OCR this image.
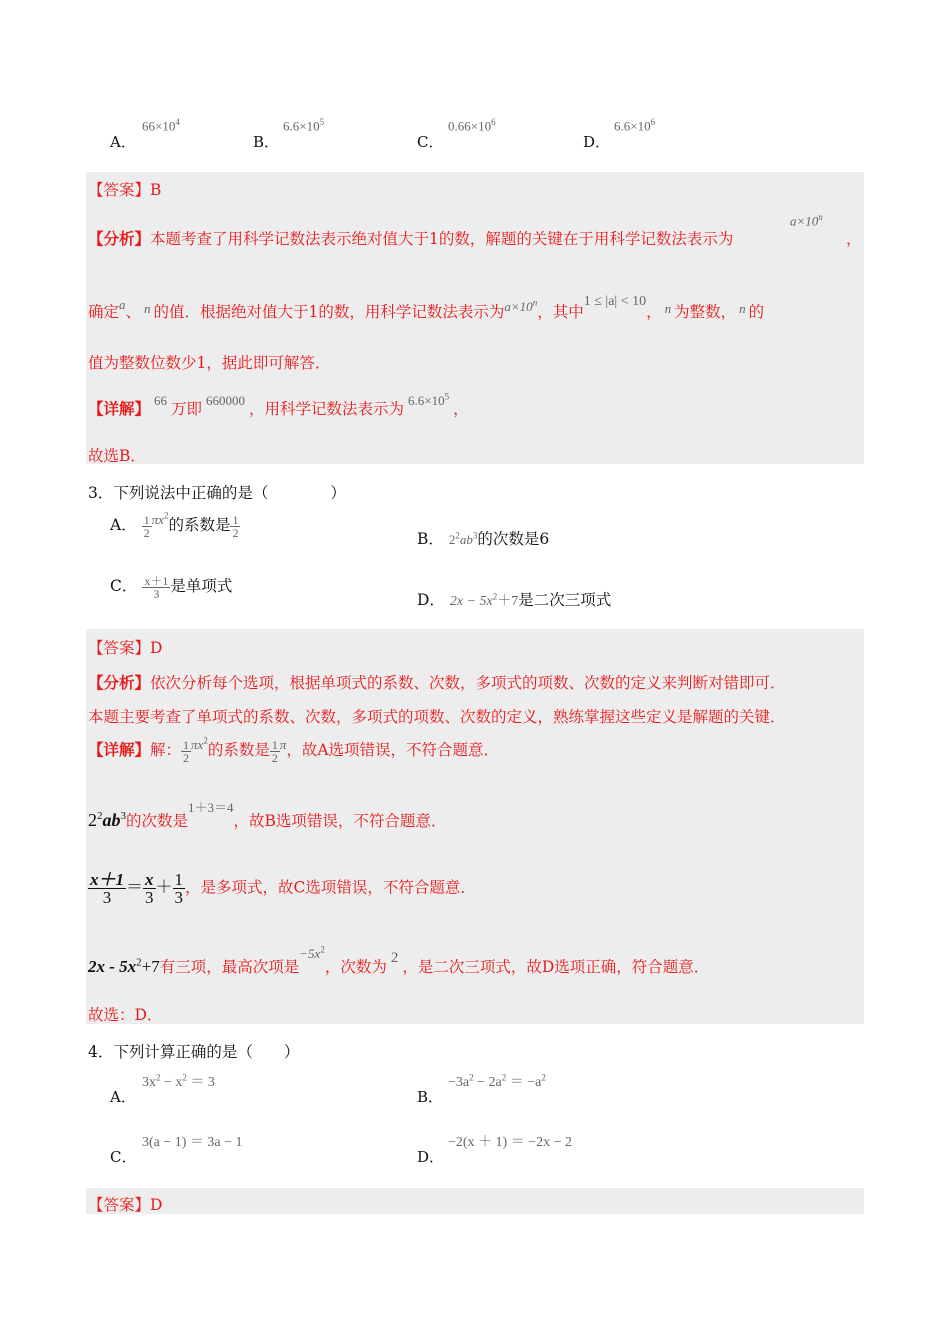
A．
$66\times 10^4$
B．
$6.6\times 10^5$
C．
$0.66\times 10^6$
D．
$6.6\times 10^6$
【答案】B
【分析】本题考查了用科学记数法表示绝对值大于1的数，解题的关键在于用科学记数法表示为
$a\times 10^n$
，
确定$^a$、 $^n$ 的值．根据绝对值大于1的数，用科学记数法表示为$^{a\times 10^n}$，其中1 ≤ |a| < 10， $^n$ 为整数， $^n$ 的
值为整数位数少1，据此即可解答．
【详解】 $^{66}$ 万即 $^{660000}$ ，用科学记数法表示为 $^{6.6\times 10^5}$，
故选B．
3．下列说法中正确的是（　　　　）
A． $\frac{1}{2} ^{\pi x^2}$的系数是 $\frac{1}{2}$
B． $2^2ab^3$的次数是6
C． $\frac{x+1}{3}$ 是单项式
D． $2x - 5x^2+7$是二次三项式
【答案】D
【分析】依次分析每个选项，根据单项式的系数、次数，多项式的项数、次数的定义来判断对错即可．
本题主要考查了单项式的系数、次数，多项式的项数、次数的定义，熟练掌握这些定义是解题的关键．
【详解】解： $\frac{1}{2} ^{\pi x^2}$的系数是 $\frac{1}{2} ^\pi$，故A选项错误，不符合题意．
$2^2ab^3$的次数是$^{1+3=4}$，故B选项错误，不符合题意．
$\frac{x+1}{3} = \frac{x}{3} + \frac{1}{3}$ ，是多项式，故C选项错误，不符合题意．
$2x - 5x^2+7$有三项，最高次项是$^{-5x^2}$，次数为 2 ，是二次三项式，故D选项正确，符合题意．
故选：D．
4．下列计算正确的是（　　）
A．
$3x^2 - x^2 = 3$
B．
$-3a^2 - 2a^2 = -a^2$
C．
3(a − 1) ＝ 3a − 1
D．
−2(x ＋ 1) ＝ −2x − 2
【答案】D
